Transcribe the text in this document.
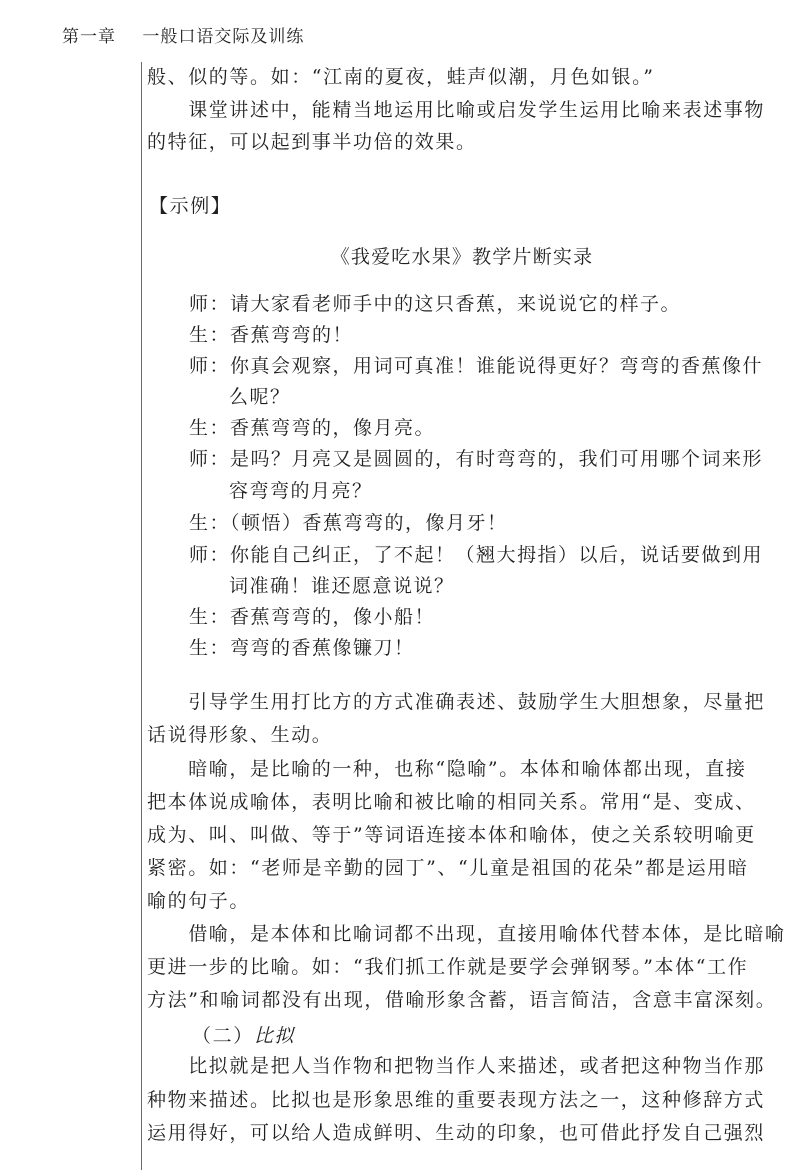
第一章 一般口语交际及训练
般、似的等。如：“江南的夏夜，蛙声似潮，月色如银。”
　　课堂讲述中，能精当地运用比喻或启发学生运用比喻来表述事物
的特征，可以起到事半功倍的效果。
【示例】
《我爱吃水果》教学片断实录
师：请大家看老师手中的这只香蕉，来说说它的样子。
生：香蕉弯弯的！
师：你真会观察，用词可真准！谁能说得更好？弯弯的香蕉像什
么呢？
生：香蕉弯弯的，像月亮。
师：是吗？月亮又是圆圆的，有时弯弯的，我们可用哪个词来形
容弯弯的月亮？
生：（顿悟）香蕉弯弯的，像月牙！
师：你能自己纠正，了不起！（翘大拇指）以后，说话要做到用
词准确！谁还愿意说说？
生：香蕉弯弯的，像小船！
生：弯弯的香蕉像镰刀！
　　引导学生用打比方的方式准确表述、鼓励学生大胆想象，尽量把
话说得形象、生动。
　　暗喻，是比喻的一种，也称“隐喻”。本体和喻体都出现，直接
把本体说成喻体，表明比喻和被比喻的相同关系。常用“是、变成、
成为、叫、叫做、等于”等词语连接本体和喻体，使之关系较明喻更
紧密。如：“老师是辛勤的园丁”、“儿童是祖国的花朵”都是运用暗
喻的句子。
　　借喻，是本体和比喻词都不出现，直接用喻体代替本体，是比暗喻
更进一步的比喻。如：“我们抓工作就是要学会弹钢琴。”本体“工作
方法”和喻词都没有出现，借喻形象含蓄，语言简洁，含意丰富深刻。
（二）比拟
　　比拟就是把人当作物和把物当作人来描述，或者把这种物当作那
种物来描述。比拟也是形象思维的重要表现方法之一，这种修辞方式
运用得好，可以给人造成鲜明、生动的印象，也可借此抒发自己强烈
